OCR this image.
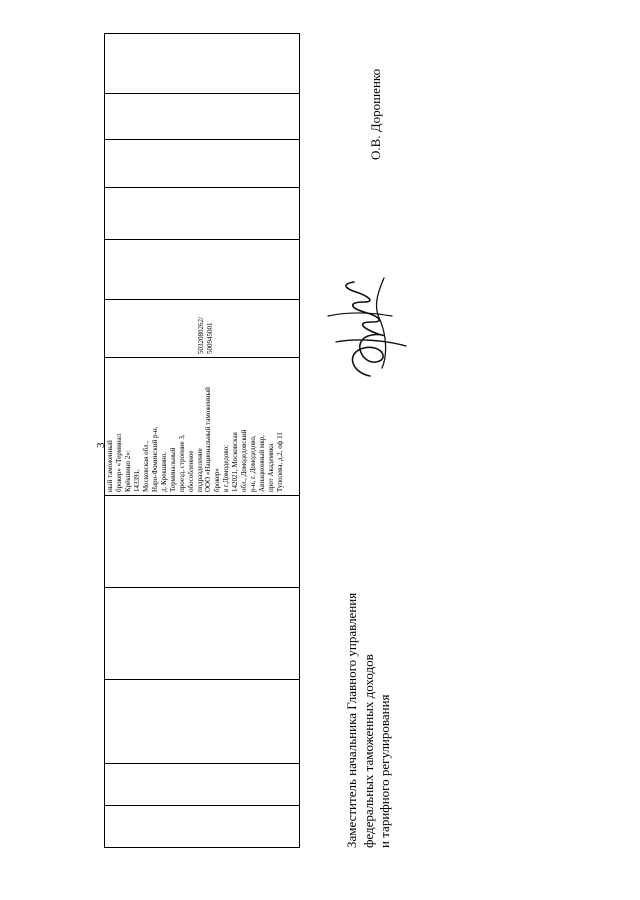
3

ный таможенный
брокер» «Терминал
Крёкшино 2»:
143391,
Московская обл.,
Наро-Фоминский р-н,
д. Крекшино,
Терминальный
проезд, строение 3,
обособленное
подразделение
ООО «Национальный таможенный
брокер»
в г.Домодедово:
142021, Московская
обл., Домодедовский
р-н, г. Домодедово,
Авиационный мкр,
прот Академика
Туполева, д.2, оф 11

5032080262/
500945001

Заместитель начальника Главного управления
федеральных таможенных доходов
и тарифного регулирования
О.В. Дорошенко
